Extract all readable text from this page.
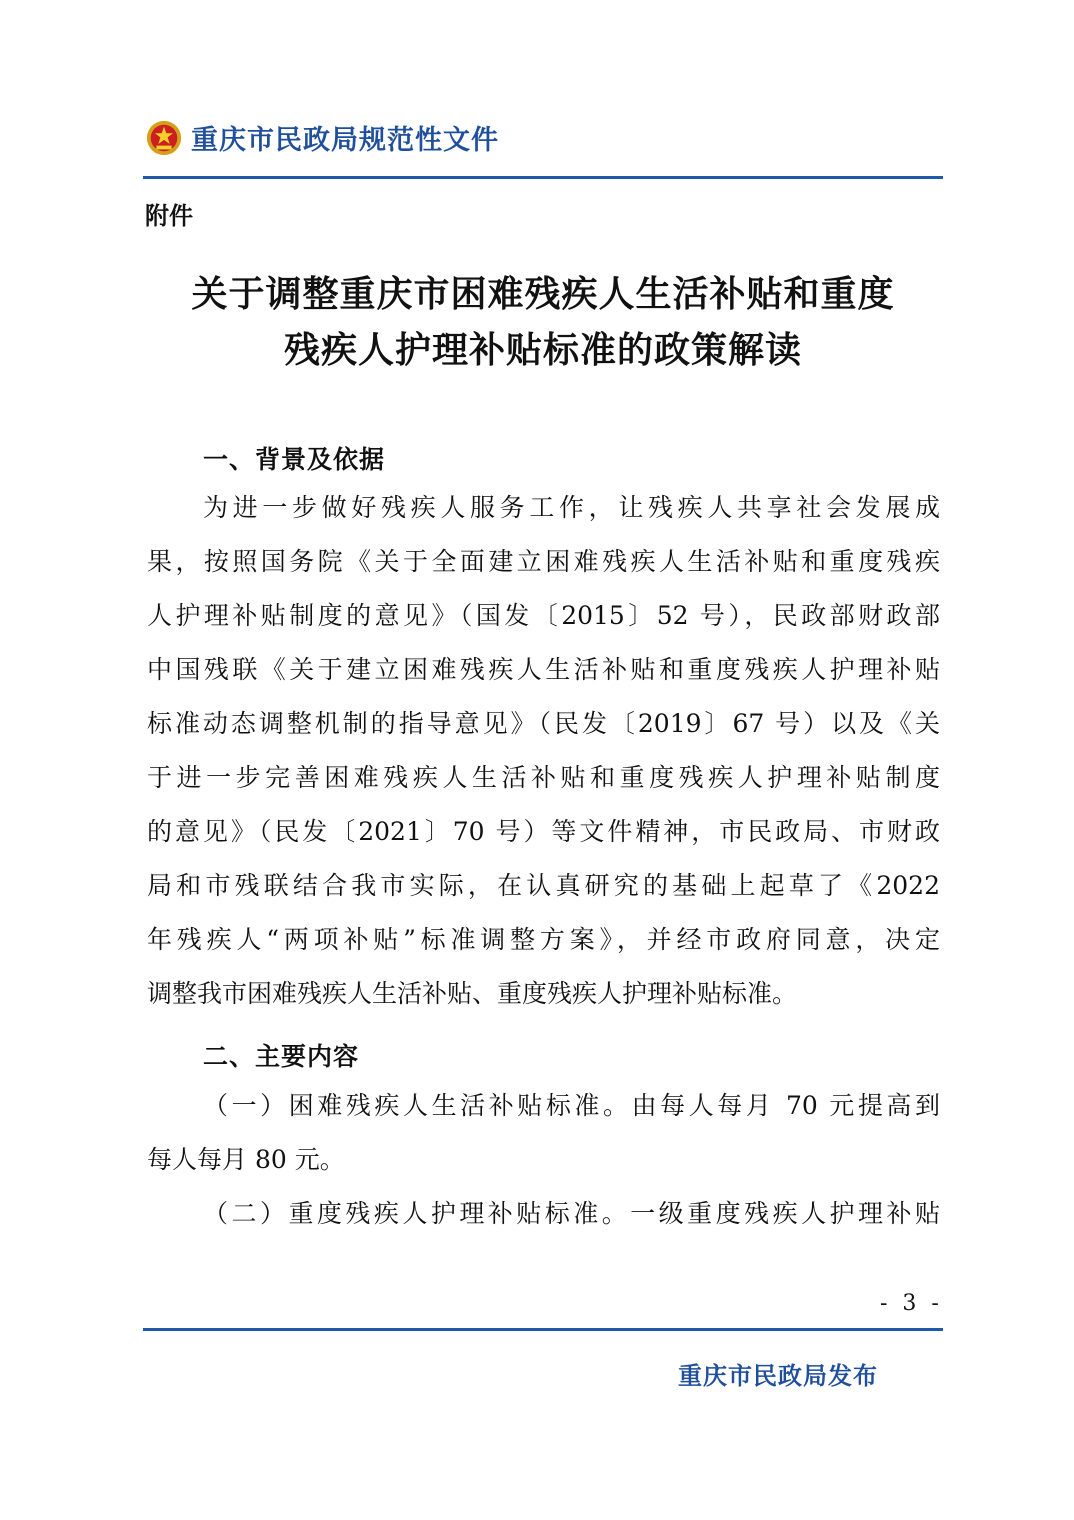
重庆市民政局规范性文件
附件
关于调整重庆市困难残疾人生活补贴和重度
残疾人护理补贴标准的政策解读
一、背景及依据
为进一步做好残疾人服务工作，让残疾人共享社会发展成
果，按照国务院《关于全面建立困难残疾人生活补贴和重度残疾
人护理补贴制度的意见》（国发〔2015〕52 号），民政部财政部
中国残联《关于建立困难残疾人生活补贴和重度残疾人护理补贴
标准动态调整机制的指导意见》（民发〔2019〕67 号）以及《关
于进一步完善困难残疾人生活补贴和重度残疾人护理补贴制度
的意见》（民发〔2021〕70 号）等文件精神，市民政局、市财政
局和市残联结合我市实际，在认真研究的基础上起草了《2022
年残疾人“两项补贴”标准调整方案》，并经市政府同意，决定
调整我市困难残疾人生活补贴、重度残疾人护理补贴标准。
二、主要内容
（一）困难残疾人生活补贴标准。由每人每月 70 元提高到
每人每月 80 元。
（二）重度残疾人护理补贴标准。一级重度残疾人护理补贴
- 3 -
重庆市民政局发布
